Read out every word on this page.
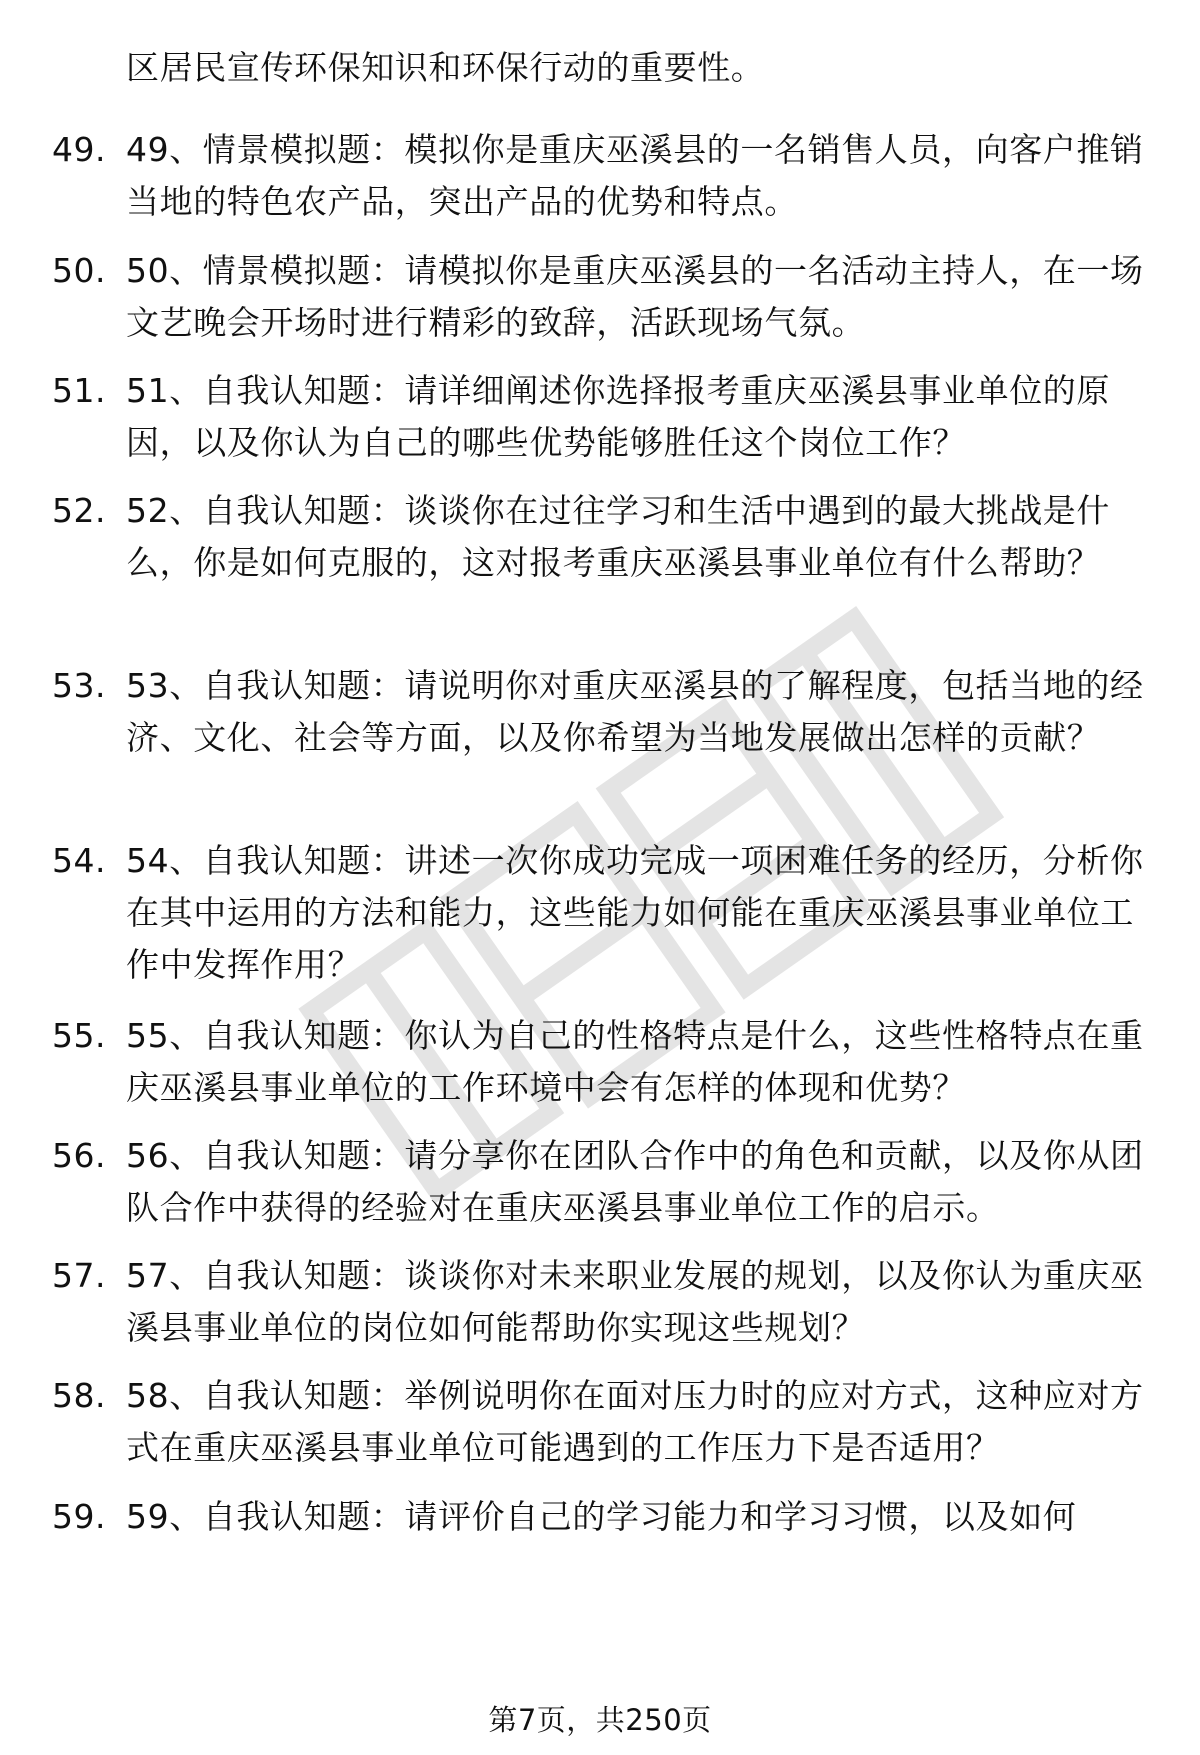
区居民宣传环保知识和环保行动的重要性。
49. 49、情景模拟题：模拟你是重庆巫溪县的一名销售人员，向客户推销当地的特色农产品，突出产品的优势和特点。
50. 50、情景模拟题：请模拟你是重庆巫溪县的一名活动主持人，在一场文艺晚会开场时进行精彩的致辞，活跃现场气氛。
51. 51、自我认知题：请详细阐述你选择报考重庆巫溪县事业单位的原因，以及你认为自己的哪些优势能够胜任这个岗位工作？
52. 52、自我认知题：谈谈你在过往学习和生活中遇到的最大挑战是什么，你是如何克服的，这对报考重庆巫溪县事业单位有什么帮助？
53. 53、自我认知题：请说明你对重庆巫溪县的了解程度，包括当地的经济、文化、社会等方面，以及你希望为当地发展做出怎样的贡献？
54. 54、自我认知题：讲述一次你成功完成一项困难任务的经历，分析你在其中运用的方法和能力，这些能力如何能在重庆巫溪县事业单位工作中发挥作用？
55. 55、自我认知题：你认为自己的性格特点是什么，这些性格特点在重庆巫溪县事业单位的工作环境中会有怎样的体现和优势？
56. 56、自我认知题：请分享你在团队合作中的角色和贡献，以及你从团队合作中获得的经验对在重庆巫溪县事业单位工作的启示。
57. 57、自我认知题：谈谈你对未来职业发展的规划，以及你认为重庆巫溪县事业单位的岗位如何能帮助你实现这些规划？
58. 58、自我认知题：举例说明你在面对压力时的应对方式，这种应对方式在重庆巫溪县事业单位可能遇到的工作压力下是否适用？
59. 59、自我认知题：请评价自己的学习能力和学习习惯，以及如何
第7页，共250页
